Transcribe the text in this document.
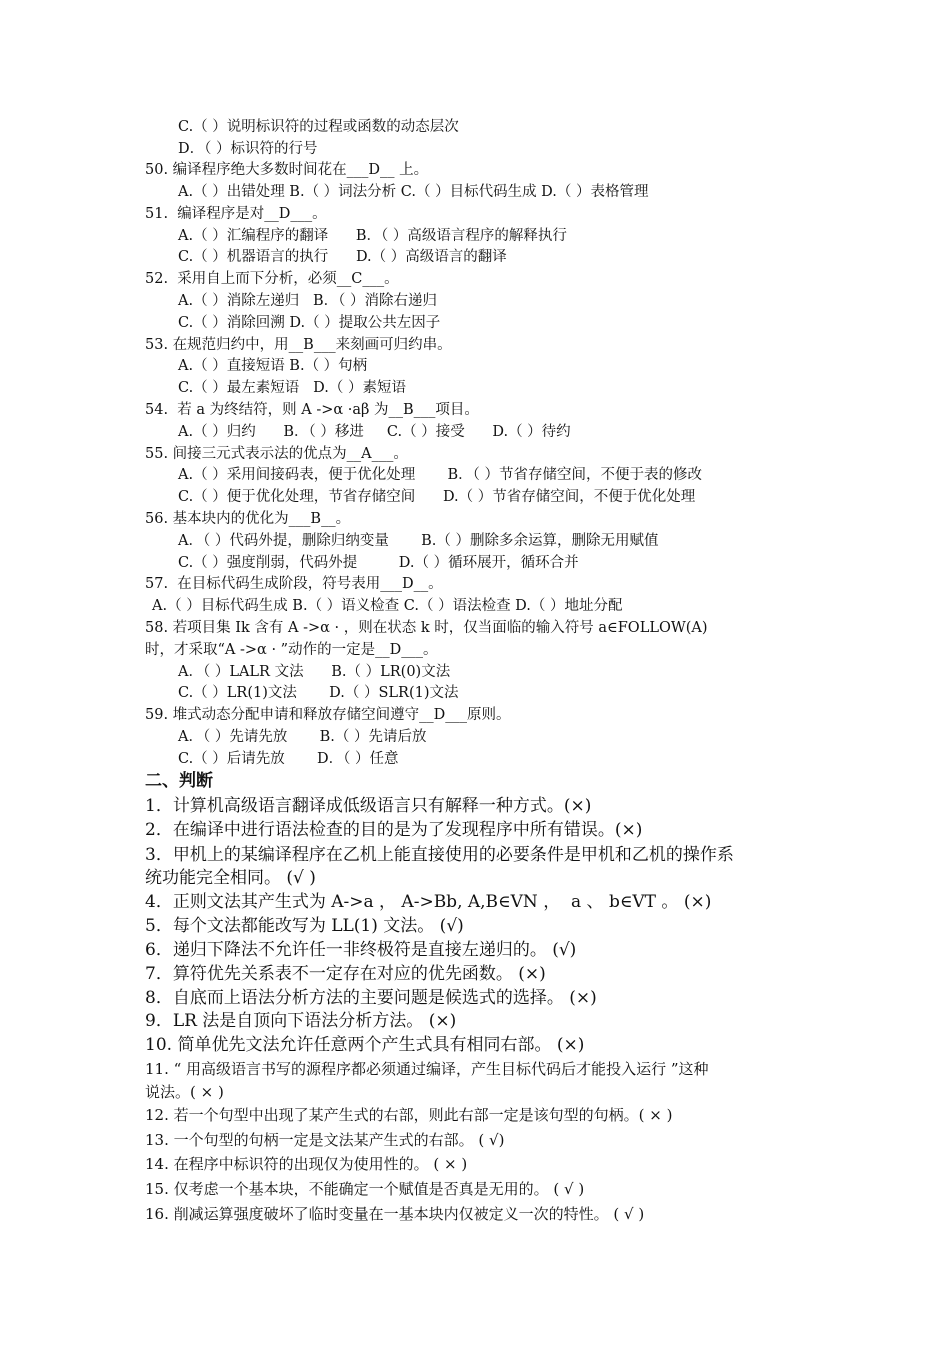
C.（ ）说明标识符的过程或函数的动态层次

D．（ ）标识符的行号

50. 编译程序绝大多数时间花在___D__ 上。

A.（ ）出错处理 B.（ ）词法分析 C.（ ）目标代码生成 D.（ ）表格管理

51.  编译程序是对__D___。

A.（ ）汇编程序的翻译      B．（ ）高级语言程序的解释执行

C.（ ）机器语言的执行      D.（ ）高级语言的翻译

52.  采用自上而下分析，必须__C___。

A.（ ）消除左递归   B．（ ）消除右递归

C.（ ）消除回溯 D.（ ）提取公共左因子

53. 在规范归约中，用__B___来刻画可归约串。

A.（ ）直接短语 B.（ ）句柄

C.（ ）最左素短语   D.（ ）素短语

54.  若 a 为终结符，则 A ->α ·aβ 为__B___项目。

A.（ ）归约      B．（ ）移进     C.（ ）接受      D.（ ）待约

55. 间接三元式表示法的优点为__A___。

A.（ ）采用间接码表，便于优化处理       B．（ ）节省存储空间，不便于表的修改

C.（ ）便于优化处理，节省存储空间      D.（ ）节省存储空间，不便于优化处理

56. 基本块内的优化为___B__。

A．（ ）代码外提，删除归纳变量       B.（ ）删除多余运算，删除无用赋值

C.（ ）强度削弱，代码外提         D.（ ）循环展开，循环合并

57.  在目标代码生成阶段，符号表用___D__。

A.（ ）目标代码生成 B.（ ）语义检查 C.（ ）语法检查 D.（ ）地址分配

58. 若项目集 Ik 含有 A ->α · ，则在状态 k 时，仅当面临的输入符号 a∈FOLLOW(A)

时，才采取“A ->α · ”动作的一定是__D___。

A．（ ）LALR 文法      B.（ ）LR(0)文法

C.（ ）LR(1)文法       D.（ ）SLR(1)文法

59. 堆式动态分配申请和释放存储空间遵守__D___原则。

A．（ ）先请先放       B.（ ）先请后放

C.（ ）后请先放       D．（ ）任意

二、判断

1．计算机高级语言翻译成低级语言只有解释一种方式。(×)

2．在编译中进行语法检查的目的是为了发现程序中所有错误。(×)

3．甲机上的某编译程序在乙机上能直接使用的必要条件是甲机和乙机的操作系

统功能完全相同。 (√ )

4．正则文法其产生式为 A->a ， A->Bb, A,B∈VN ，  a 、 b∈VT 。 (×)

5．每个文法都能改写为 LL(1) 文法。 (√)

6．递归下降法不允许任一非终极符是直接左递归的。 (√)

7．算符优先关系表不一定存在对应的优先函数。 (×)

8．自底而上语法分析方法的主要问题是候选式的选择。 (×)

9．LR 法是自顶向下语法分析方法。 (×)

10. 简单优先文法允许任意两个产生式具有相同右部。 (×)

11. “ 用高级语言书写的源程序都必须通过编译，产生目标代码后才能投入运行 ”这种

说法。( × )

12. 若一个句型中出现了某产生式的右部，则此右部一定是该句型的句柄。( × )

13. 一个句型的句柄一定是文法某产生式的右部。 ( √)

14. 在程序中标识符的出现仅为使用性的。 ( × )

15. 仅考虑一个基本块，不能确定一个赋值是否真是无用的。 ( √ )

16. 削减运算强度破坏了临时变量在一基本块内仅被定义一次的特性。 ( √ )
